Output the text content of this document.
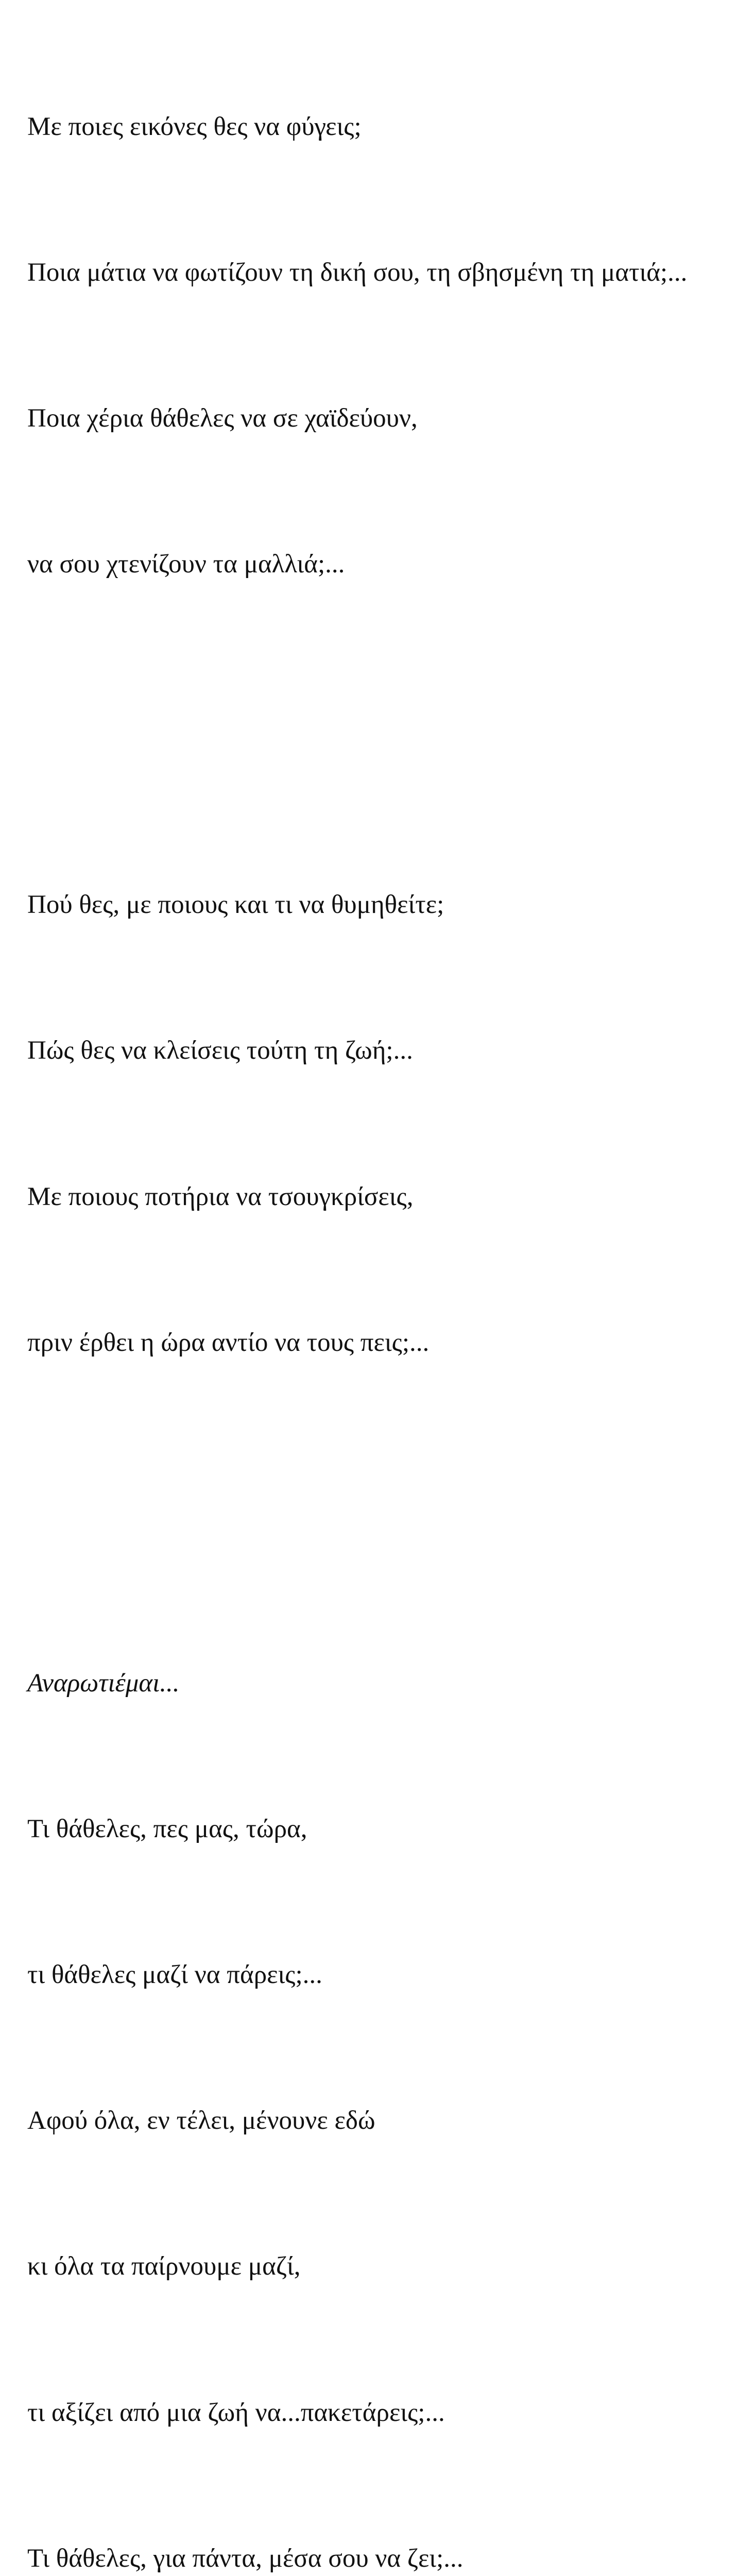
Με ποιες εικόνες θες να φύγεις;

Ποια μάτια να φωτίζουν τη δική σου, τη σβησμένη τη ματιά;...

Ποια χέρια θάθελες να σε χαϊδεύουν,

να σου χτενίζουν τα μαλλιά;...

Πού θες, με ποιους και τι να θυμηθείτε;

Πώς θες να κλείσεις τούτη τη ζωή;...

Με ποιους ποτήρια να τσουγκρίσεις,

πριν έρθει η ώρα αντίο να τους πεις;...

Αναρωτιέμαι...

Τι θάθελες, πες μας, τώρα,

τι θάθελες μαζί να πάρεις;...

Αφού όλα, εν τέλει, μένουνε εδώ

κι όλα τα παίρνουμε μαζί,

τι αξίζει από μια ζωή να...πακετάρεις;...

Τι θάθελες, για πάντα, μέσα σου να ζει;...
